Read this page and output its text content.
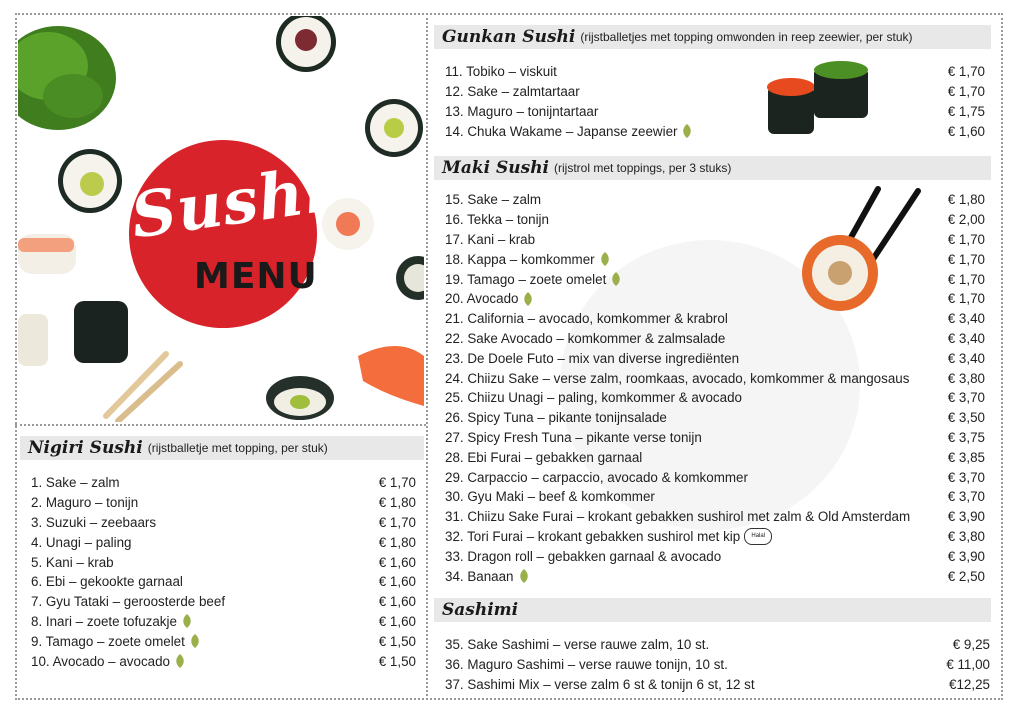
Sushi
MENU
Nigiri Sushi (rijstballetje met topping, per stuk)
1. Sake – zalm	€ 1,70
2. Maguro – tonijn	€ 1,80
3. Suzuki – zeebaars	€ 1,70
4. Unagi – paling	€ 1,80
5. Kani – krab	€ 1,60
6. Ebi – gekookte garnaal	€ 1,60
7. Gyu Tataki – geroosterde beef	€ 1,60
8. Inari – zoete tofuzakje	€ 1,60
9. Tamago – zoete omelet	€ 1,50
10. Avocado – avocado	€ 1,50
Gunkan Sushi (rijstballetjes met topping omwonden in reep zeewier, per stuk)
11. Tobiko – viskuit	€ 1,70
12. Sake – zalmtartaar	€ 1,70
13. Maguro – tonijntartaar	€ 1,75
14. Chuka Wakame – Japanse zeewier	€ 1,60
Maki Sushi (rijstrol met toppings, per 3 stuks)
15. Sake – zalm	€ 1,80
16. Tekka – tonijn	€ 2,00
17. Kani – krab	€ 1,70
18. Kappa – komkommer	€ 1,70
19. Tamago – zoete omelet	€ 1,70
20. Avocado	€ 1,70
21. California – avocado, komkommer & krabrol	€ 3,40
22. Sake Avocado – komkommer & zalmsalade	€ 3,40
23. De Doele Futo – mix van diverse ingrediënten	€ 3,40
24. Chiizu Sake – verse zalm, roomkaas, avocado, komkommer & mangosaus	€ 3,80
25. Chiizu Unagi – paling, komkommer & avocado	€ 3,70
26. Spicy Tuna – pikante tonijnsalade	€ 3,50
27. Spicy Fresh Tuna – pikante verse tonijn	€ 3,75
28. Ebi Furai – gebakken garnaal	€ 3,85
29. Carpaccio – carpaccio, avocado & komkommer	€ 3,70
30. Gyu Maki – beef & komkommer	€ 3,70
31. Chiizu Sake Furai – krokant gebakken sushirol met zalm & Old Amsterdam	€ 3,90
32. Tori Furai – krokant gebakken sushirol met kip	Halal	€ 3,80
33. Dragon roll – gebakken garnaal & avocado	€ 3,90
34. Banaan	€ 2,50
Sashimi
35. Sake Sashimi – verse rauwe zalm, 10 st.	€ 9,25
36. Maguro Sashimi – verse rauwe tonijn, 10 st.	€ 11,00
37. Sashimi Mix – verse zalm 6 st & tonijn 6 st, 12 st	€12,25
